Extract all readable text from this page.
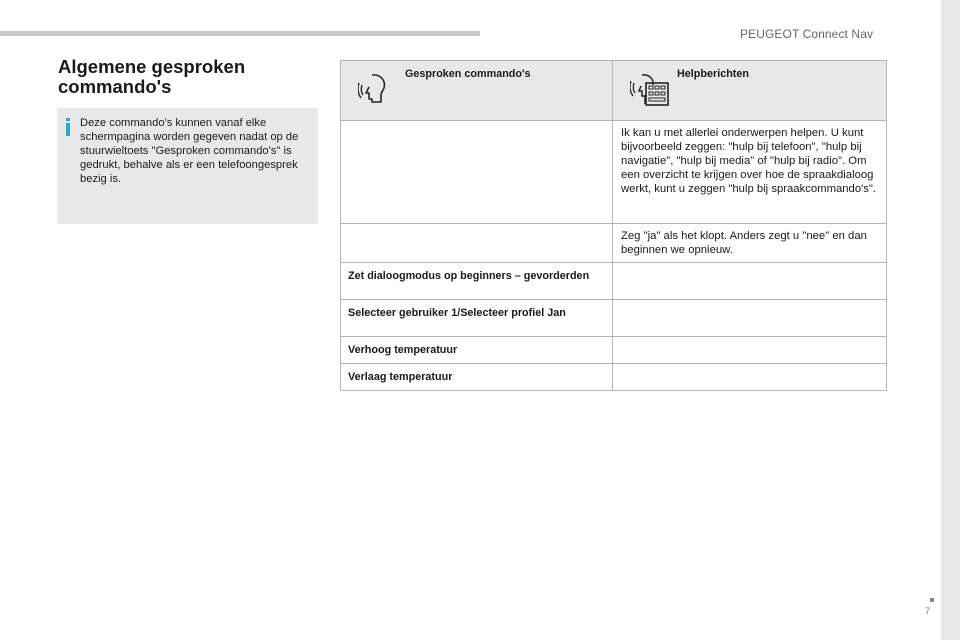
PEUGEOT Connect Nav
7
Algemene gesproken commando's
Deze commando's kunnen vanaf elke schermpagina worden gegeven nadat op de stuurwieltoets "Gesproken commando's" is gedrukt, behalve als er een telefoongesprek bezig is.
Gesproken commando's	Helpberichten

	Ik kan u met allerlei onderwerpen helpen. U kunt bijvoorbeeld zeggen: "hulp bij telefoon", "hulp bij navigatie", "hulp bij media" of "hulp bij radio". Om een overzicht te krijgen over hoe de spraakdialoog werkt, kunt u zeggen "hulp bij spraakcommando's".

	Zeg "ja" als het klopt. Anders zegt u "nee" en dan beginnen we opnieuw.

Zet dialoogmodus op beginners – gevorderden	

Selecteer gebruiker 1/Selecteer profiel Jan	

Verhoog temperatuur	

Verlaag temperatuur	
